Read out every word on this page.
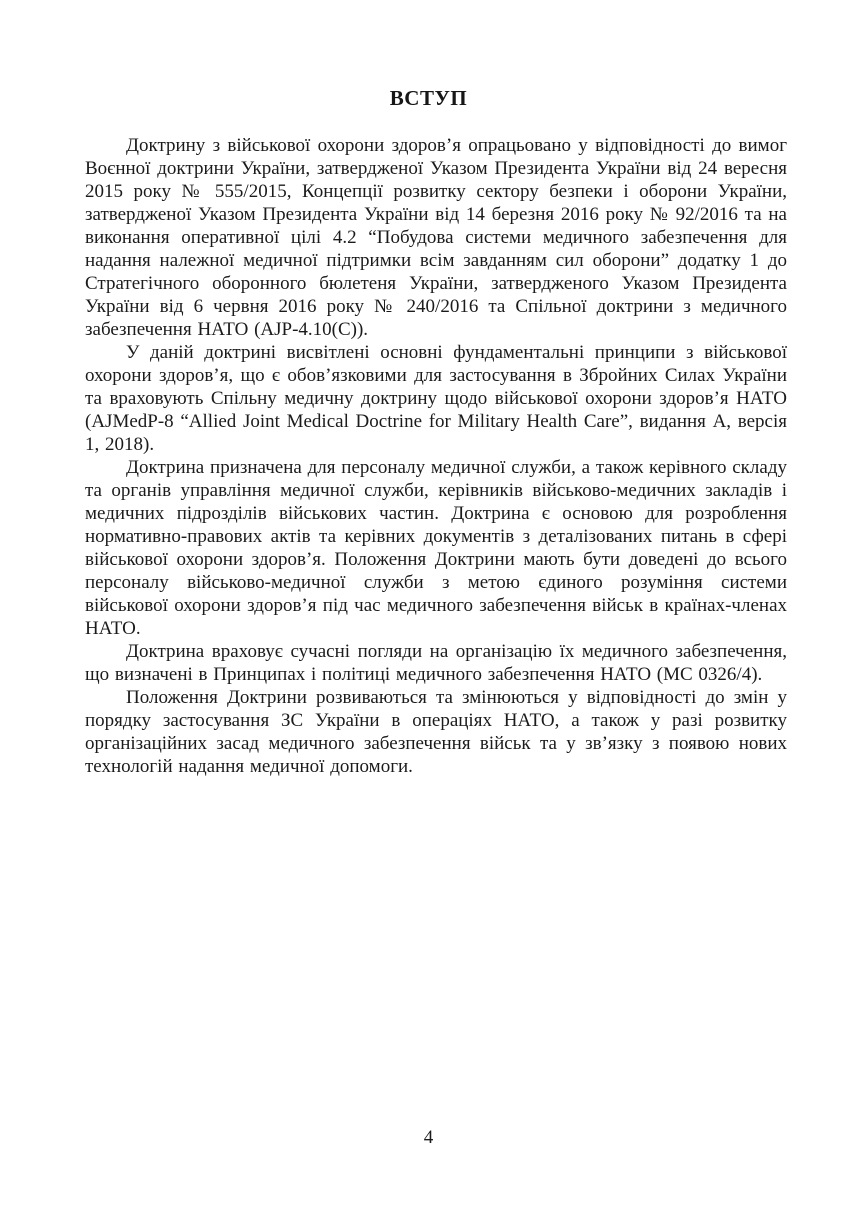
ВСТУП

Доктрину з військової охорони здоров’я опрацьовано у відповідності до вимог Воєнної доктрини України, затвердженої Указом Президента України від 24 вересня 2015 року № 555/2015, Концепції розвитку сектору безпеки і оборони України, затвердженої Указом Президента України від 14 березня 2016 року № 92/2016 та на виконання оперативної цілі 4.2 “Побудова системи медичного забезпечення для надання належної медичної підтримки всім завданням сил оборони” додатку 1 до Стратегічного оборонного бюлетеня України, затвердженого Указом Президента України від 6 червня 2016 року № 240/2016 та Спільної доктрини з медичного забезпечення НАТО (AJP-4.10(C)).

У даній доктрині висвітлені основні фундаментальні принципи з військової охорони здоров’я, що є обов’язковими для застосування в Збройних Силах України та враховують Спільну медичну доктрину щодо військової охорони здоров’я НАТО (AJMedP-8 “Allied Joint Medical Doctrine for Military Health Care”, видання А, версія 1, 2018).

Доктрина призначена для персоналу медичної служби, а також керівного складу та органів управління медичної служби, керівників військово-медичних закладів і медичних підрозділів військових частин. Доктрина є основою для розроблення нормативно-правових актів та керівних документів з деталізованих питань в сфері військової охорони здоров’я. Положення Доктрини мають бути доведені до всього персоналу військово-медичної служби з метою єдиного розуміння системи військової охорони здоров’я під час медичного забезпечення військ в країнах-членах НАТО.

Доктрина враховує сучасні погляди на організацію їх медичного забезпечення, що визначені в Принципах і політиці медичного забезпечення НАТО (МС 0326/4).

Положення Доктрини розвиваються та змінюються у відповідності до змін у порядку застосування ЗС України в операціях НАТО, а також у разі розвитку організаційних засад медичного забезпечення військ та у зв’язку з появою нових технологій надання медичної допомоги.

4
